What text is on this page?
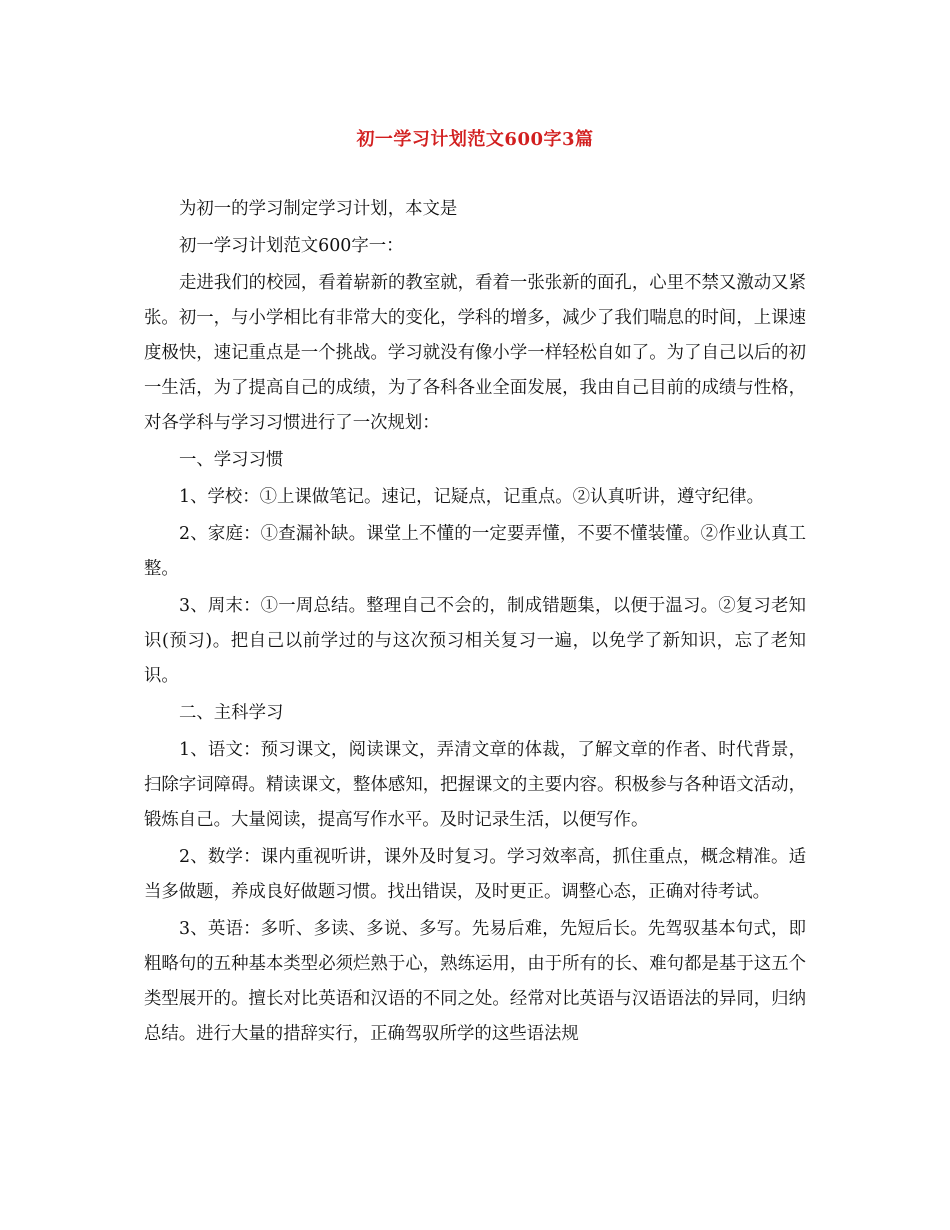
初一学习计划范文600字3篇

为初一的学习制定学习计划，本文是

初一学习计划范文600字一：

走进我们的校园，看着崭新的教室就，看着一张张新的面孔，心里不禁又激动又紧张。初一，与小学相比有非常大的变化，学科的增多，减少了我们喘息的时间，上课速度极快，速记重点是一个挑战。学习就没有像小学一样轻松自如了。为了自己以后的初一生活，为了提高自己的成绩，为了各科各业全面发展，我由自己目前的成绩与性格，对各学科与学习习惯进行了一次规划：

一、学习习惯

1、学校：①上课做笔记。速记，记疑点，记重点。②认真听讲，遵守纪律。

2、家庭：①查漏补缺。课堂上不懂的一定要弄懂，不要不懂装懂。②作业认真工整。

3、周末：①一周总结。整理自己不会的，制成错题集，以便于温习。②复习老知识(预习)。把自己以前学过的与这次预习相关复习一遍，以免学了新知识，忘了老知识。

二、主科学习

1、语文：预习课文，阅读课文，弄清文章的体裁，了解文章的作者、时代背景，扫除字词障碍。精读课文，整体感知，把握课文的主要内容。积极参与各种语文活动，锻炼自己。大量阅读，提高写作水平。及时记录生活，以便写作。

2、数学：课内重视听讲，课外及时复习。学习效率高，抓住重点，概念精准。适当多做题，养成良好做题习惯。找出错误，及时更正。调整心态，正确对待考试。

3、英语：多听、多读、多说、多写。先易后难，先短后长。先驾驭基本句式，即粗略句的五种基本类型必须烂熟于心，熟练运用，由于所有的长、难句都是基于这五个类型展开的。擅长对比英语和汉语的不同之处。经常对比英语与汉语语法的异同，归纳总结。进行大量的措辞实行，正确驾驭所学的这些语法规
